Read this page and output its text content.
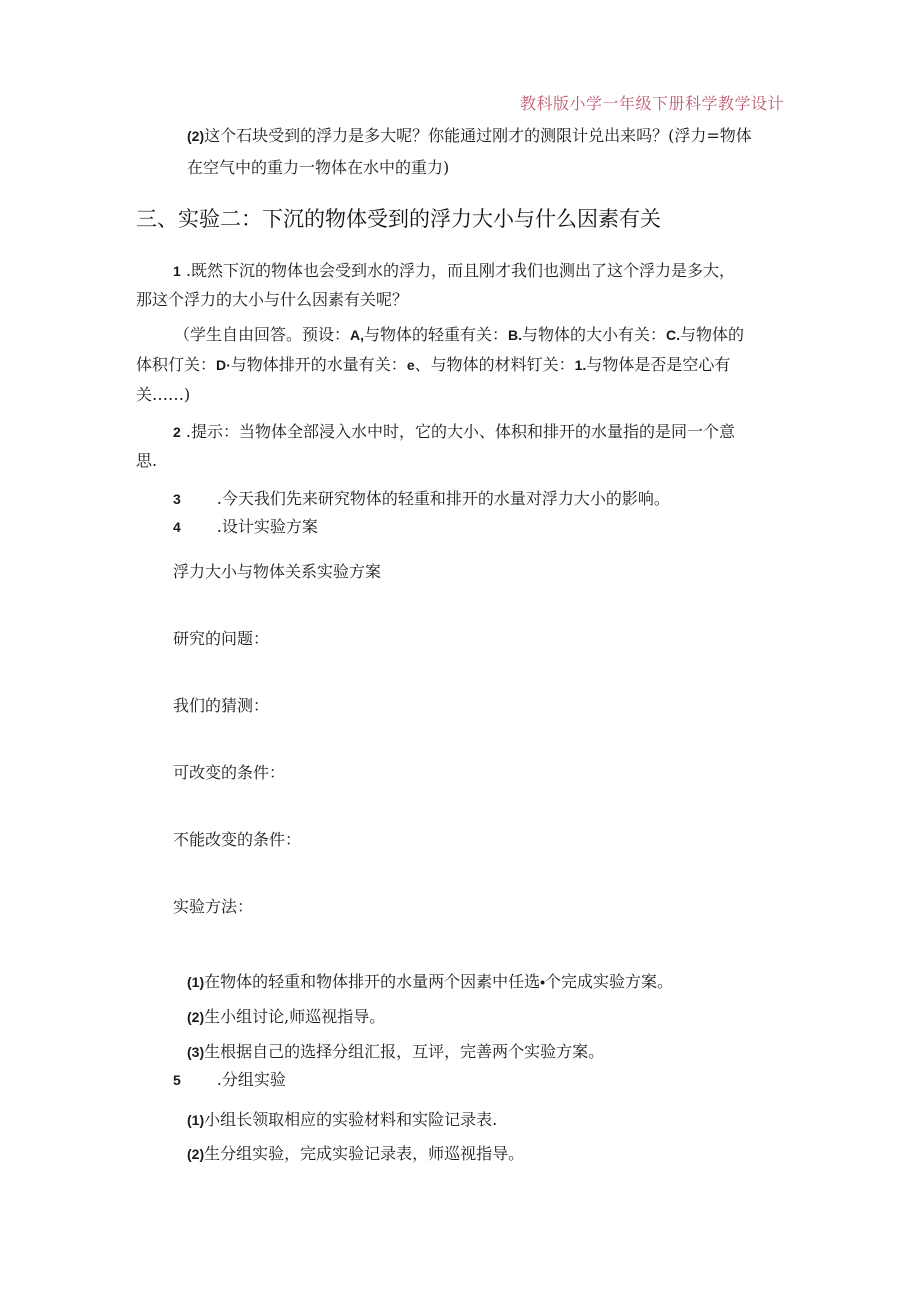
教科版小学一年级下册科学教学设计
(2)这个石块受到的浮力是多大呢？你能通过刚才的测限计兑出来吗？(浮力=物体
在空气中的重力一物体在水中的重力)
三、实验二：下沉的物体受到的浮力大小与什么因素有关
1 .既然下沉的物体也会受到水的浮力，而且刚才我们也测出了这个浮力是多大，
那这个浮力的大小与什么因素有关呢？
（学生自由回答。预设：A,与物体的轻重有关：B.与物体的大小有关：C.与物体的
体积仃关：D·与物体排开的水量有关：e、与物体的材料钉关：1.与物体是否是空心有
关……)
2 .提示：当物体全部浸入水中时，它的大小、体积和排开的水量指的是同一个意
思.
3 .今天我们先来研究物体的轻重和排开的水量对浮力大小的影响。
4 .设计实验方案
浮力大小与物体关系实验方案
研究的问题：
我们的猜测：
可改变的条件：
不能改变的条件：
实验方法：
(1)在物体的轻重和物体排开的水量两个因素中任选•个完成实验方案。
(2)生小组讨论,师巡视指导。
(3)生根据自己的选择分组汇报，互评，完善两个实验方案。
5 .分组实验
(1)小组长领取相应的实验材料和实险记录表.
(2)生分组实验，完成实验记录表，师巡视指导。
